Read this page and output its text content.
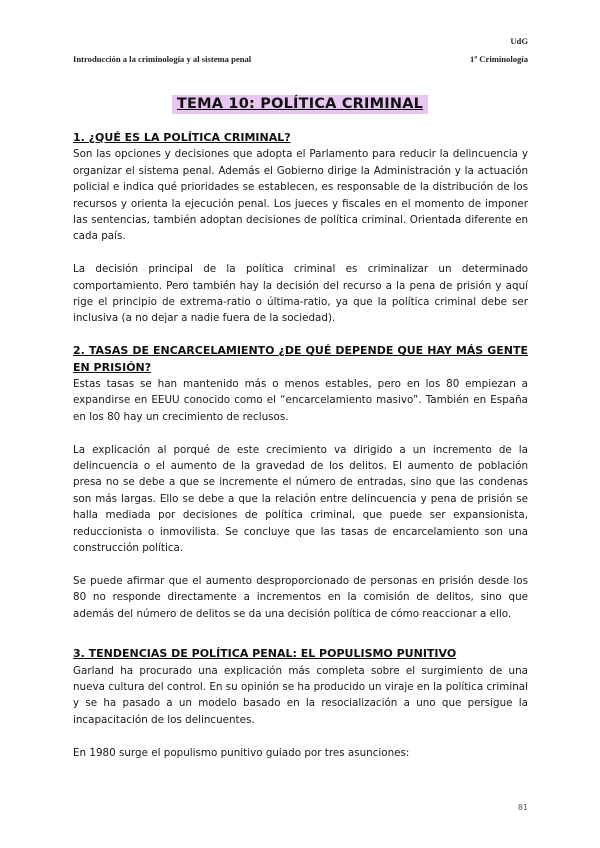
UdG
Introducción a la criminología y al sistema penal	1º Criminología
TEMA 10: POLÍTICA CRIMINAL
1. ¿QUÉ ES LA POLÍTICA CRIMINAL?

Son las opciones y decisiones que adopta el Parlamento para reducir la delincuencia y organizar el sistema penal. Además el Gobierno dirige la Administración y la actuación policial e indica qué prioridades se establecen, es responsable de la distribución de los recursos y orienta la ejecución penal. Los jueces y fiscales en el momento de imponer las sentencias, también adoptan decisiones de política criminal. Orientada diferente en cada país.

La decisión principal de la política criminal es criminalizar un determinado comportamiento. Pero también hay la decisión del recurso a la pena de prisión y aquí rige el principio de extrema-ratio o última-ratio, ya que la política criminal debe ser inclusiva (a no dejar a nadie fuera de la sociedad).

2. TASAS DE ENCARCELAMIENTO ¿DE QUÉ DEPENDE QUE HAY MÁS GENTE EN PRISIÓN?

Estas tasas se han mantenido más o menos estables, pero en los 80 empiezan a expandirse en EEUU conocido como el “encarcelamiento masivo”. También en España en los 80 hay un crecimiento de reclusos.

La explicación al porqué de este crecimiento va dirigido a un incremento de la delincuencia o el aumento de la gravedad de los delitos. El aumento de población presa no se debe a que se incremente el número de entradas, sino que las condenas son más largas. Ello se debe a que la relación entre delincuencia y pena de prisión se halla mediada por decisiones de política criminal, que puede ser expansionista, reduccionista o inmovilista. Se concluye que las tasas de encarcelamiento son una construcción política.

Se puede afirmar que el aumento desproporcionado de personas en prisión desde los 80 no responde directamente a incrementos en la comisión de delitos, sino que además del número de delitos se da una decisión política de cómo reaccionar a ello.

3. TENDENCIAS DE POLÍTICA PENAL: EL POPULISMO PUNITIVO

Garland ha procurado una explicación más completa sobre el surgimiento de una nueva cultura del control. En su opinión se ha producido un viraje en la política criminal y se ha pasado a un modelo basado en la resocialización a uno que persigue la incapacitación de los delincuentes.

En 1980 surge el populismo punitivo guiado por tres asunciones:

81
